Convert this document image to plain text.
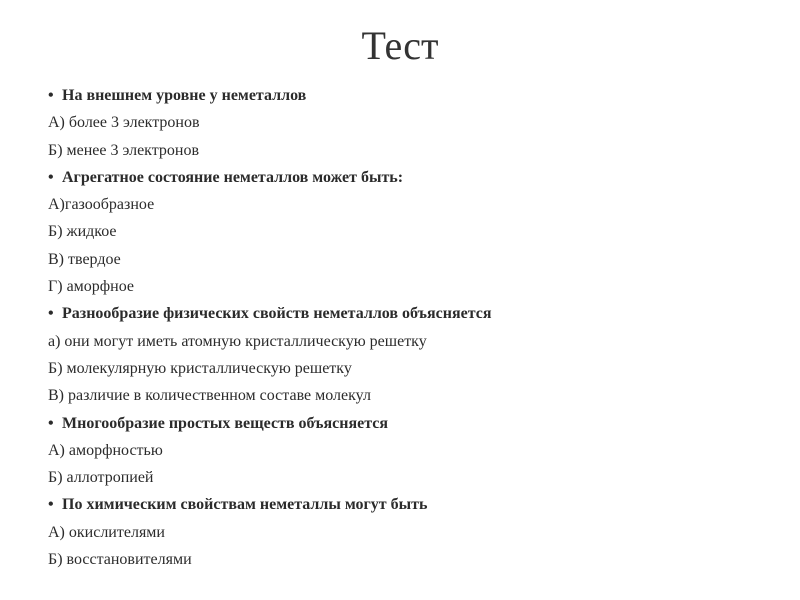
Тест
• На внешнем уровне у неметаллов
А) более 3 электронов
Б) менее 3 электронов
• Агрегатное состояние неметаллов может быть:
А)газообразное
Б) жидкое
В) твердое
Г) аморфное
• Разнообразие физических свойств неметаллов объясняется
а) они могут иметь атомную кристаллическую решетку
Б) молекулярную кристаллическую решетку
В) различие в количественном составе молекул
• Многообразие простых веществ объясняется
А) аморфностью
Б) аллотропией
• По химическим свойствам неметаллы могут быть
А) окислителями
Б) восстановителями
